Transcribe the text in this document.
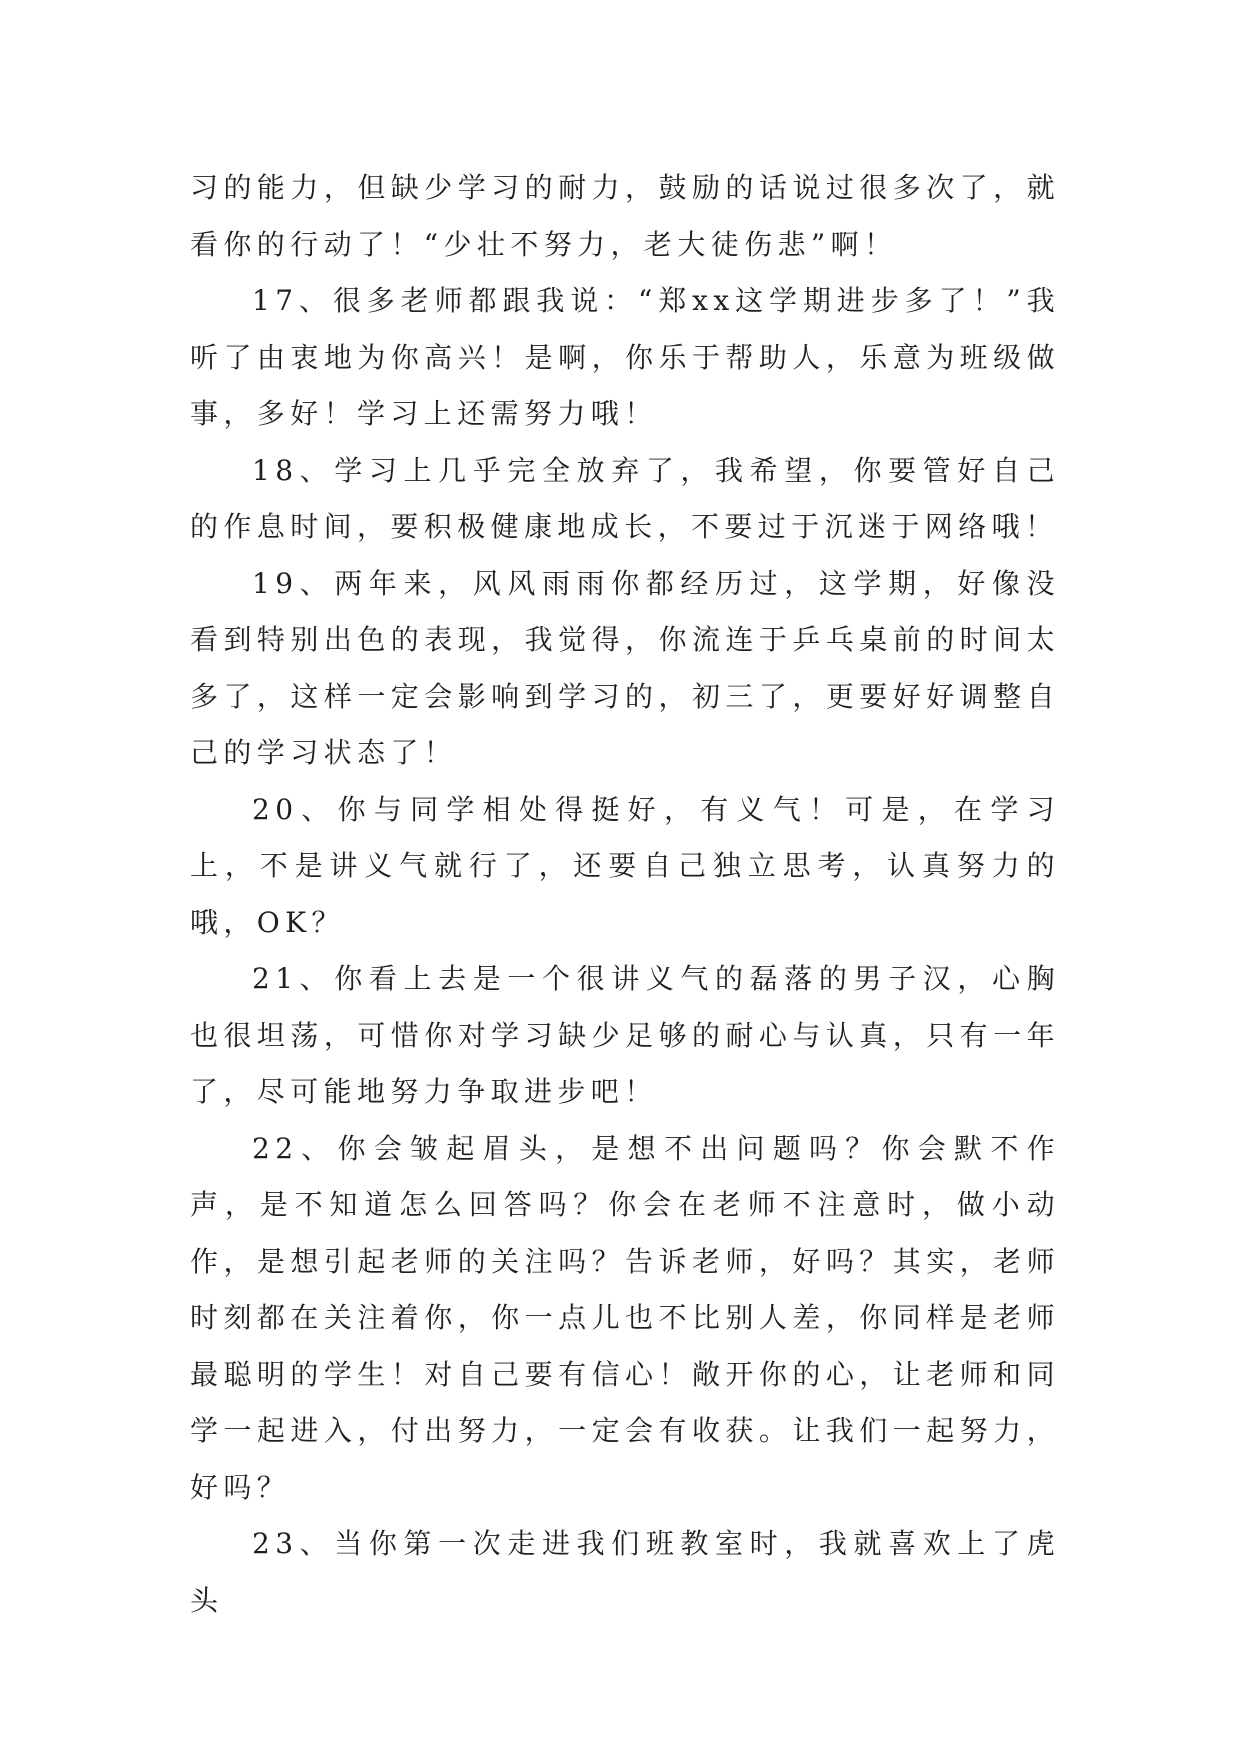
习的能力，但缺少学习的耐力，鼓励的话说过很多次了，就看你的行动了！“少壮不努力，老大徒伤悲”啊！

17、很多老师都跟我说：“郑xx这学期进步多了！”我听了由衷地为你高兴！是啊，你乐于帮助人，乐意为班级做事，多好！学习上还需努力哦！

18、学习上几乎完全放弃了，我希望，你要管好自己的作息时间，要积极健康地成长，不要过于沉迷于网络哦！

19、两年来，风风雨雨你都经历过，这学期，好像没看到特别出色的表现，我觉得，你流连于乒乓桌前的时间太多了，这样一定会影响到学习的，初三了，更要好好调整自己的学习状态了！

20、你与同学相处得挺好，有义气！可是，在学习上，不是讲义气就行了，还要自己独立思考，认真努力的哦，OK？

21、你看上去是一个很讲义气的磊落的男子汉，心胸也很坦荡，可惜你对学习缺少足够的耐心与认真，只有一年了，尽可能地努力争取进步吧！

22、你会皱起眉头，是想不出问题吗？你会默不作声，是不知道怎么回答吗？你会在老师不注意时，做小动作，是想引起老师的关注吗？告诉老师，好吗？其实，老师时刻都在关注着你，你一点儿也不比别人差，你同样是老师最聪明的学生！对自己要有信心！敞开你的心，让老师和同学一起进入，付出努力，一定会有收获。让我们一起努力，好吗？

23、当你第一次走进我们班教室时，我就喜欢上了虎头
